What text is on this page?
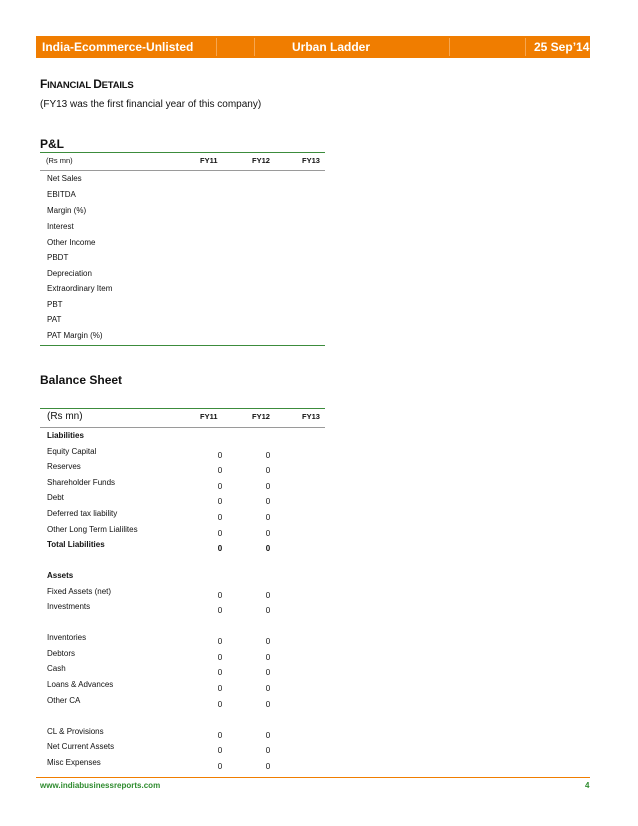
India-Ecommerce-Unlisted	Urban Ladder	25 Sep’14
FINANCIAL DETAILS
(FY13 was the first financial year of this company)
P&L
(Rs mn)	FY11	FY12	FY13
Net Sales
EBITDA
Margin (%)
Interest
Other Income
PBDT
Depreciation
Extraordinary Item
PBT
PAT
PAT Margin (%)
Balance Sheet
(Rs mn)	FY11	FY12	FY13
Liabilities
Equity Capital	0	0
Reserves	0	0
Shareholder Funds	0	0
Debt	0	0
Deferred tax liability	0	0
Other Long Term Lialilites	0	0
Total Liabilities	0	0
Assets
Fixed Assets (net)	0	0
Investments	0	0
Inventories	0	0
Debtors	0	0
Cash	0	0
Loans & Advances	0	0
Other CA	0	0
CL & Provisions	0	0
Net Current Assets	0	0
Misc Expenses	0	0
www.indiabusinessreports.com	4
